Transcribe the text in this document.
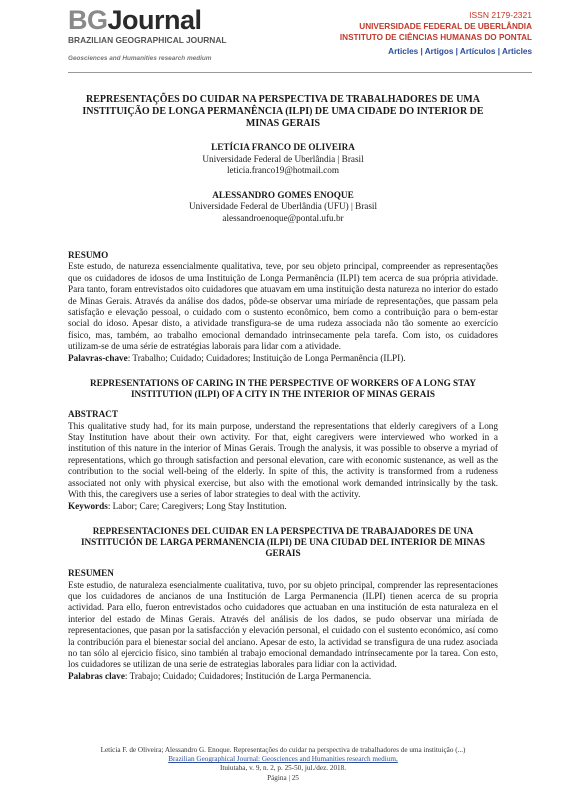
BGJournal
BRAZILIAN GEOGRAPHICAL JOURNAL
Geosciences and Humanities research medium
ISSN 2179-2321
UNIVERSIDADE FEDERAL DE UBERLÂNDIA
INSTITUTO DE CIÊNCIAS HUMANAS DO PONTAL
Articles | Artigos | Artículos | Articles

REPRESENTAÇÕES DO CUIDAR NA PERSPECTIVA DE TRABALHADORES DE UMA INSTITUIÇÃO DE LONGA PERMANÊNCIA (ILPI) DE UMA CIDADE DO INTERIOR DE MINAS GERAIS

LETÍCIA FRANCO DE OLIVEIRA
Universidade Federal de Uberlândia | Brasil
leticia.franco19@hotmail.com
ALESSANDRO GOMES ENOQUE
Universidade Federal de Uberlândia (UFU) | Brasil
alessandroenoque@pontal.ufu.br
RESUMO

Este estudo, de natureza essencialmente qualitativa, teve, por seu objeto principal, compreender as representações que os cuidadores de idosos de uma Instituição de Longa Permanência (ILPI) tem acerca de sua própria atividade. Para tanto, foram entrevistados oito cuidadores que atuavam em uma instituição desta natureza no interior do estado de Minas Gerais. Através da análise dos dados, pôde-se observar uma miríade de representações, que passam pela satisfação e elevação pessoal, o cuidado com o sustento econômico, bem como a contribuição para o bem-estar social do idoso. Apesar disto, a atividade transfigura-se de uma rudeza associada não tão somente ao exercício físico, mas, também, ao trabalho emocional demandado intrinsecamente pela tarefa. Com isto, os cuidadores utilizam-se de uma série de estratégias laborais para lidar com a atividade.

Palavras-chave: Trabalho; Cuidado; Cuidadores; Instituição de Longa Permanência (ILPI).

REPRESENTATIONS OF CARING IN THE PERSPECTIVE OF WORKERS OF A LONG STAY INSTITUTION (ILPI) OF A CITY IN THE INTERIOR OF MINAS GERAIS

ABSTRACT

This qualitative study had, for its main purpose, understand the representations that elderly caregivers of a Long Stay Institution have about their own activity. For that, eight caregivers were interviewed who worked in a institution of this nature in the interior of Minas Gerais. Trough the analysis, it was possible to observe a myriad of representations, which go through satisfaction and personal elevation, care with economic sustenance, as well as the contribution to the social well-being of the elderly. In spite of this, the activity is transformed from a rudeness associated not only with physical exercise, but also with the emotional work demanded intrinsically by the task. With this, the caregivers use a series of labor strategies to deal with the activity.

Keywords: Labor; Care; Caregivers; Long Stay Institution.

REPRESENTACIONES DEL CUIDAR EN LA PERSPECTIVA DE TRABAJADORES DE UNA INSTITUCIÓN DE LARGA PERMANENCIA (ILPI) DE UNA CIUDAD DEL INTERIOR DE MINAS GERAIS

RESUMEN

Este estudio, de naturaleza esencialmente cualitativa, tuvo, por su objeto principal, comprender las representaciones que los cuidadores de ancianos de una Institución de Larga Permanencia (ILPI) tienen acerca de su propria actividad. Para ello, fueron entrevistados ocho cuidadores que actuaban en una institución de esta naturaleza en el interior del estado de Minas Gerais. Através del análisis de los dados, se pudo observar una miríada de representaciones, que pasan por la satisfacción y elevación personal, el cuidado con el sustento económico, así como la contribución para el bienestar social del anciano. Apesar de esto, la actividad se transfigura de una rudez asociada no tan sólo al ejercicio físico, sino también al trabajo emocional demandado intrínsecamente por la tarea. Con esto, los cuidadores se utilizan de una serie de estrategias laborales para lidiar con la actividad.

Palabras clave: Trabajo; Cuidado; Cuidadores; Institución de Larga Permanencia.

Letícia F. de Oliveira; Alessandro G. Enoque. Representações do cuidar na perspectiva de trabalhadores de uma instituição (...)
Brazilian Geographical Journal: Geosciences and Humanities research medium,
Ituiutaba, v. 9, n. 2, p. 25-50, jul./dez. 2018.
Página | 25
